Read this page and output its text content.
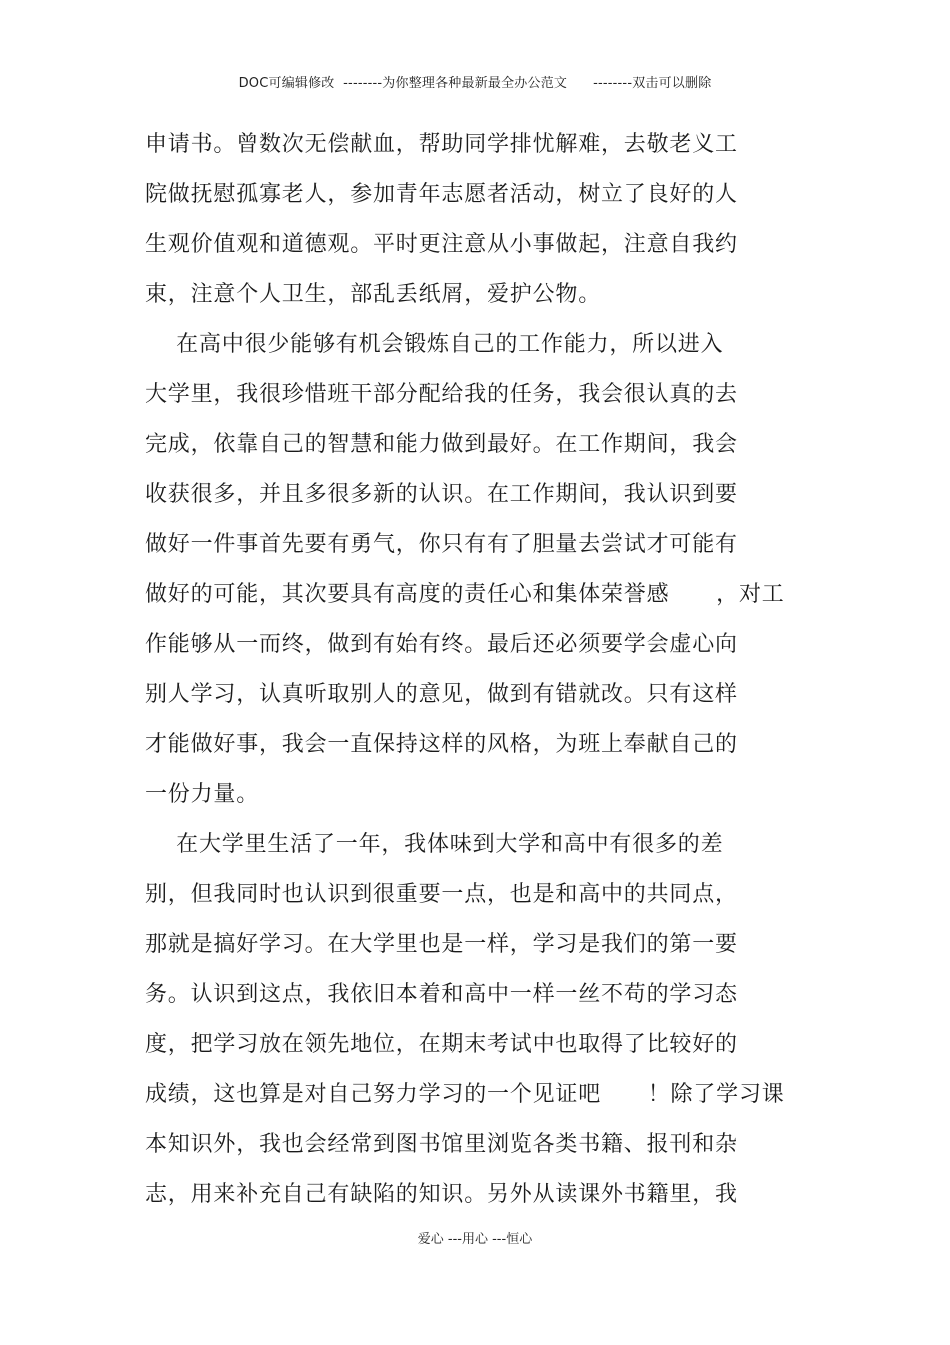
DOC可编辑修改  --------为你整理各种最新最全办公范文      --------双击可以删除
申请书。曾数次无偿献血，帮助同学排忧解难，去敬老义工
院做抚慰孤寡老人，参加青年志愿者活动，树立了良好的人
生观价值观和道德观。平时更注意从小事做起，注意自我约
束，注意个人卫生，部乱丢纸屑，爱护公物。
在高中很少能够有机会锻炼自己的工作能力，所以进入
大学里，我很珍惜班干部分配给我的任务，我会很认真的去
完成，依靠自己的智慧和能力做到最好。在工作期间，我会
收获很多，并且多很多新的认识。在工作期间，我认识到要
做好一件事首先要有勇气，你只有有了胆量去尝试才可能有
做好的可能，其次要具有高度的责任心和集体荣誉感      ，对工
作能够从一而终，做到有始有终。最后还必须要学会虚心向
别人学习，认真听取别人的意见，做到有错就改。只有这样
才能做好事，我会一直保持这样的风格，为班上奉献自己的
一份力量。
在大学里生活了一年，我体味到大学和高中有很多的差
别，但我同时也认识到很重要一点，也是和高中的共同点，
那就是搞好学习。在大学里也是一样，学习是我们的第一要
务。认识到这点，我依旧本着和高中一样一丝不苟的学习态
度，把学习放在领先地位，在期末考试中也取得了比较好的
成绩，这也算是对自己努力学习的一个见证吧      ！除了学习课
本知识外，我也会经常到图书馆里浏览各类书籍、报刊和杂
志，用来补充自己有缺陷的知识。另外从读课外书籍里，我
爱心 ---用心 ---恒心
